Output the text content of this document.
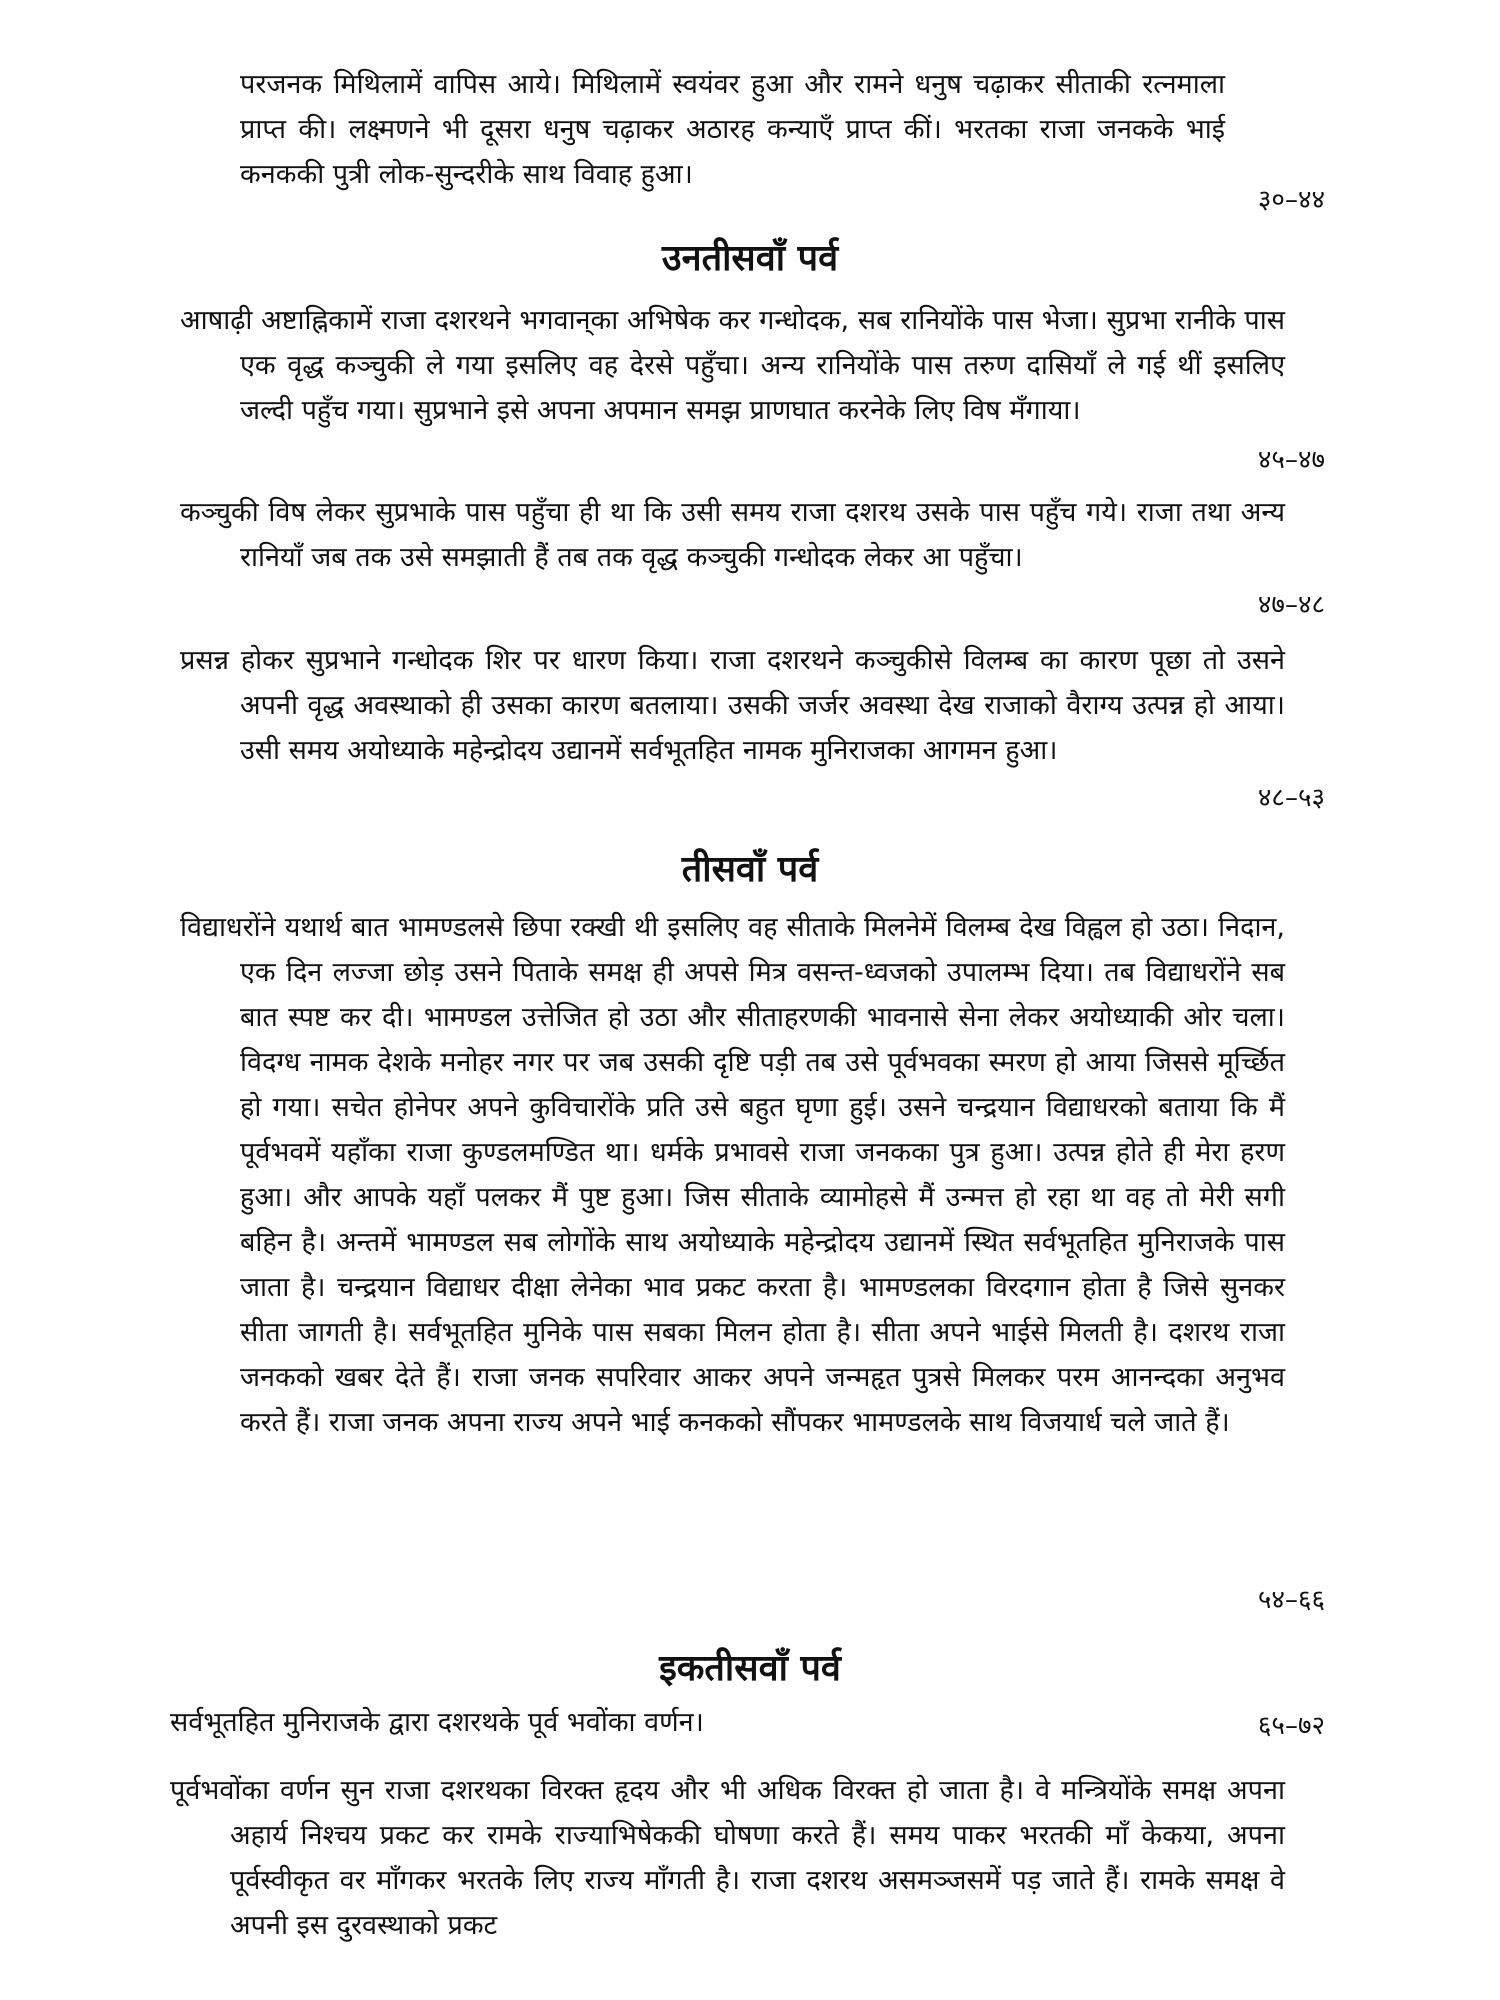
परजनक मिथिलामें वापिस आये। मिथिलामें स्वयंवर हुआ और रामने धनुष चढ़ाकर सीताकी रत्नमाला प्राप्त की। लक्ष्मणने भी दूसरा धनुष चढ़ाकर अठारह कन्याएँ प्राप्त कीं। भरतका राजा जनकके भाई कनककी पुत्री लोक-सुन्दरीके साथ विवाह हुआ।
३०–४४
उनतीसवाँ पर्व
आषाढ़ी अष्टाह्निकामें राजा दशरथने भगवान्‌का अभिषेक कर गन्धोदक, सब रानियोंके पास भेजा। सुप्रभा रानीके पास एक वृद्ध कञ्चुकी ले गया इसलिए वह देरसे पहुँचा। अन्य रानियोंके पास तरुण दासियाँ ले गई थीं इसलिए जल्दी पहुँच गया। सुप्रभाने इसे अपना अपमान समझ प्राणघात करनेके लिए विष मँगाया।
४५–४७
कञ्चुकी विष लेकर सुप्रभाके पास पहुँचा ही था कि उसी समय राजा दशरथ उसके पास पहुँच गये। राजा तथा अन्य रानियाँ जब तक उसे समझाती हैं तब तक वृद्ध कञ्चुकी गन्धोदक लेकर आ पहुँचा।
४७–४८
प्रसन्न होकर सुप्रभाने गन्धोदक शिर पर धारण किया। राजा दशरथने कञ्चुकीसे विलम्ब का कारण पूछा तो उसने अपनी वृद्ध अवस्थाको ही उसका कारण बतलाया। उसकी जर्जर अवस्था देख राजाको वैराग्य उत्पन्न हो आया। उसी समय अयोध्याके महेन्द्रोदय उद्यानमें सर्वभूतहित नामक मुनिराजका आगमन हुआ।
४८–५३
तीसवाँ पर्व
विद्याधरोंने यथार्थ बात भामण्डलसे छिपा रक्खी थी इसलिए वह सीताके मिलनेमें विलम्ब देख विह्वल हो उठा। निदान, एक दिन लज्जा छोड़ उसने पिताके समक्ष ही अपसे मित्र वसन्त-ध्वजको उपालम्भ दिया। तब विद्याधरोंने सब बात स्पष्ट कर दी। भामण्डल उत्तेजित हो उठा और सीताहरणकी भावनासे सेना लेकर अयोध्याकी ओर चला। विदग्ध नामक देशके मनोहर नगर पर जब उसकी दृष्टि पड़ी तब उसे पूर्वभवका स्मरण हो आया जिससे मूर्च्छित हो गया। सचेत होनेपर अपने कुविचारोंके प्रति उसे बहुत घृणा हुई। उसने चन्द्रयान विद्याधरको बताया कि मैं पूर्वभवमें यहाँका राजा कुण्डलमण्डित था। धर्मके प्रभावसे राजा जनकका पुत्र हुआ। उत्पन्न होते ही मेरा हरण हुआ। और आपके यहाँ पलकर मैं पुष्ट हुआ। जिस सीताके व्यामोहसे मैं उन्मत्त हो रहा था वह तो मेरी सगी बहिन है। अन्तमें भामण्डल सब लोगोंके साथ अयोध्याके महेन्द्रोदय उद्यानमें स्थित सर्वभूतहित मुनिराजके पास जाता है। चन्द्रयान विद्याधर दीक्षा लेनेका भाव प्रकट करता है। भामण्डलका विरदगान होता है जिसे सुनकर सीता जागती है। सर्वभूतहित मुनिके पास सबका मिलन होता है। सीता अपने भाईसे मिलती है। दशरथ राजा जनकको खबर देते हैं। राजा जनक सपरिवार आकर अपने जन्महृत पुत्रसे मिलकर परम आनन्दका अनुभव करते हैं। राजा जनक अपना राज्य अपने भाई कनकको सौंपकर भामण्डलके साथ विजयार्ध चले जाते हैं।
५४–६६
इकतीसवाँ पर्व
सर्वभूतहित मुनिराजके द्वारा दशरथके पूर्व भवोंका वर्णन।	६५–७२
पूर्वभवोंका वर्णन सुन राजा दशरथका विरक्त हृदय और भी अधिक विरक्त हो जाता है। वे मन्त्रियोंके समक्ष अपना अहार्य निश्चय प्रकट कर रामके राज्याभिषेककी घोषणा करते हैं। समय पाकर भरतकी माँ केकया, अपना पूर्वस्वीकृत वर माँगकर भरतके लिए राज्य माँगती है। राजा दशरथ असमञ्जसमें पड़ जाते हैं। रामके समक्ष वे अपनी इस दुरवस्थाको प्रकट
